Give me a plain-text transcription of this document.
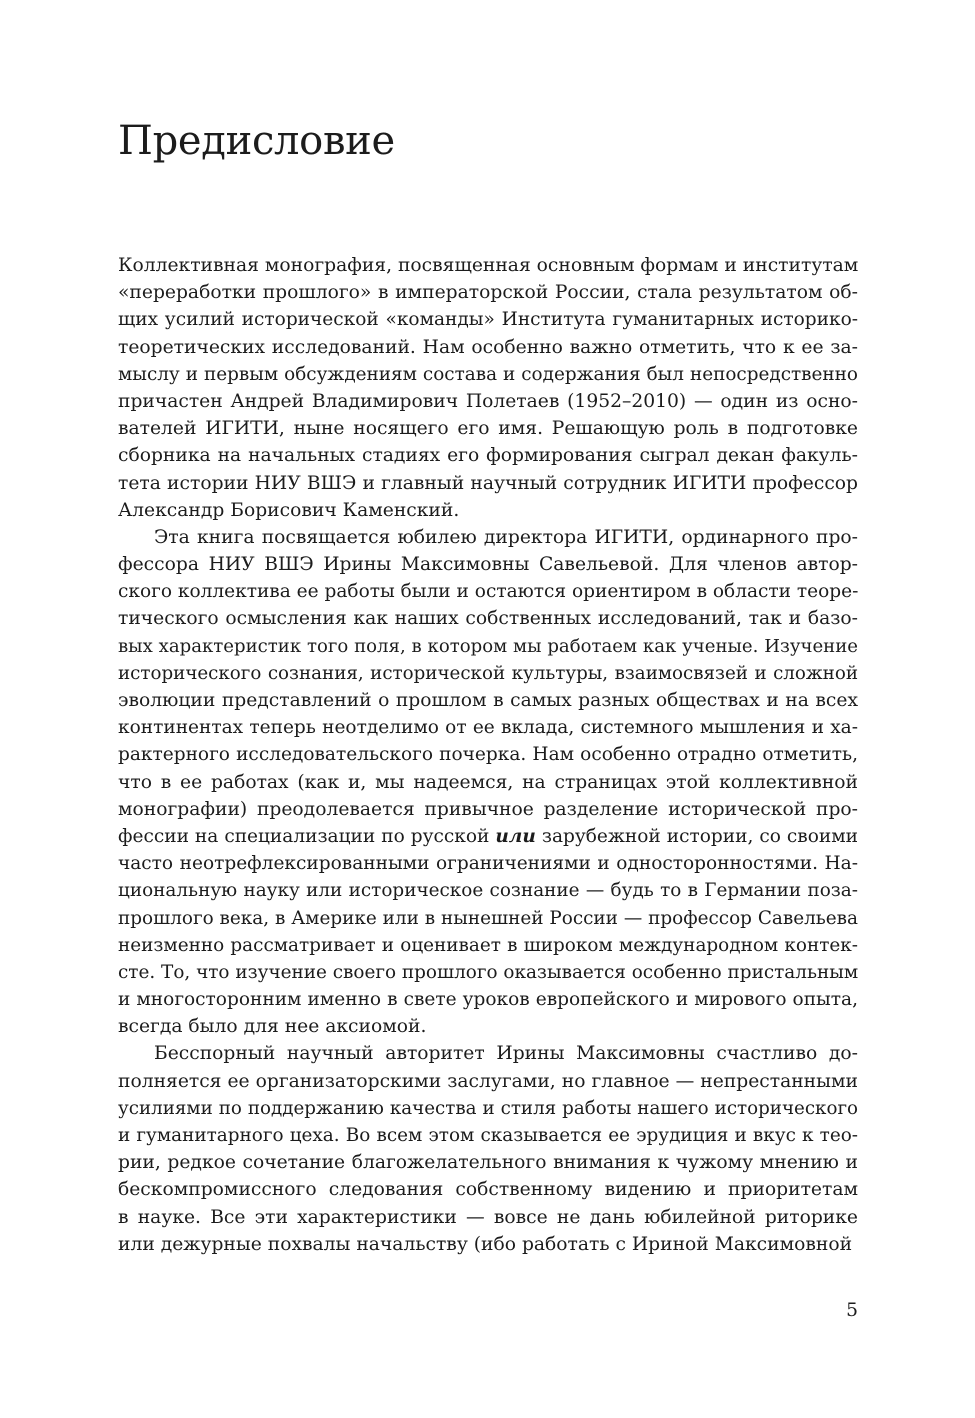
Предисловие
Коллективная монография, посвященная основным формам и институтам
«переработки прошлого» в императорской России, стала результатом об-
щих усилий исторической «команды» Института гуманитарных историко-
теоретических исследований. Нам особенно важно отметить, что к ее за-
мыслу и первым обсуждениям состава и содержания был непосредственно
причастен Андрей Владимирович Полетаев (1952–2010) — один из осно-
вателей ИГИТИ, ныне носящего его имя. Решающую роль в подготовке
сборника на начальных стадиях его формирования сыграл декан факуль-
тета истории НИУ ВШЭ и главный научный сотрудник ИГИТИ профессор
Александр Борисович Каменский.
Эта книга посвящается юбилею директора ИГИТИ, ординарного про-
фессора НИУ ВШЭ Ирины Максимовны Савельевой. Для членов автор-
ского коллектива ее работы были и остаются ориентиром в области теоре-
тического осмысления как наших собственных исследований, так и базо-
вых характеристик того поля, в котором мы работаем как ученые. Изучение
исторического сознания, исторической культуры, взаимосвязей и сложной
эволюции представлений о прошлом в самых разных обществах и на всех
континентах теперь неотделимо от ее вклада, системного мышления и ха-
рактерного исследовательского почерка. Нам особенно отрадно отметить,
что в ее работах (как и, мы надеемся, на страницах этой коллективной
монографии) преодолевается привычное разделение исторической про-
фессии на специализации по русской или зарубежной истории, со своими
часто неотрефлексированными ограничениями и односторонностями. На-
циональную науку или историческое сознание — будь то в Германии поза-
прошлого века, в Америке или в нынешней России — профессор Савельева
неизменно рассматривает и оценивает в широком международном контек-
сте. То, что изучение своего прошлого оказывается особенно пристальным
и многосторонним именно в свете уроков европейского и мирового опыта,
всегда было для нее аксиомой.
Бесспорный научный авторитет Ирины Максимовны счастливо до-
полняется ее организаторскими заслугами, но главное — непрестанными
усилиями по поддержанию качества и стиля работы нашего исторического
и гуманитарного цеха. Во всем этом сказывается ее эрудиция и вкус к тео-
рии, редкое сочетание благожелательного внимания к чужому мнению и
бескомпромиссного следования собственному видению и приоритетам
в науке. Все эти характеристики — вовсе не дань юбилейной риторике
или дежурные похвалы начальству (ибо работать с Ириной Максимовной
5
